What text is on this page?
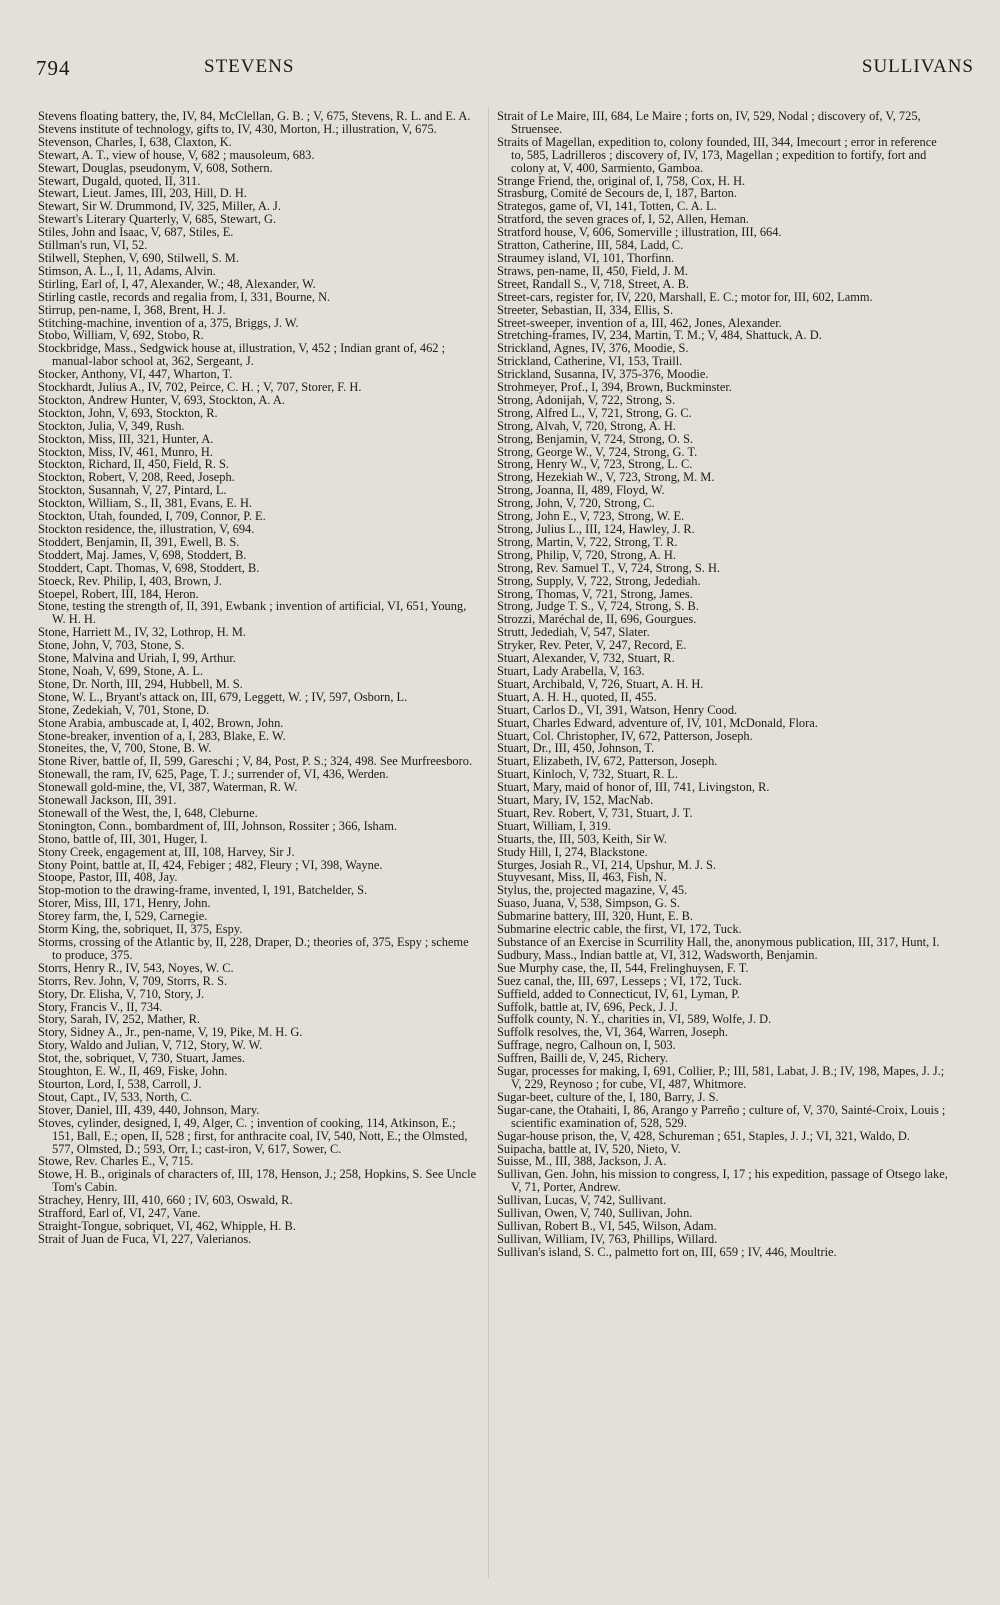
794	STEVENS	SULLIVANS

Stevens floating battery, the, IV, 84, McClellan, G. B. ; V, 675, Stevens, R. L. and E. A.

Stevens institute of technology, gifts to, IV, 430, Morton, H.; illustration, V, 675.

Stevenson, Charles, I, 638, Claxton, K.

Stewart, A. T., view of house, V, 682 ; mausoleum, 683.

Stewart, Douglas, pseudonym, V, 608, Sothern.

Stewart, Dugald, quoted, II, 311.

Stewart, Lieut. James, III, 203, Hill, D. H.

Stewart, Sir W. Drummond, IV, 325, Miller, A. J.

Stewart's Literary Quarterly, V, 685, Stewart, G.

Stiles, John and Isaac, V, 687, Stiles, E.

Stillman's run, VI, 52.

Stilwell, Stephen, V, 690, Stilwell, S. M.

Stimson, A. L., I, 11, Adams, Alvin.

Stirling, Earl of, I, 47, Alexander, W.; 48, Alexander, W.

Stirling castle, records and regalia from, I, 331, Bourne, N.

Stirrup, pen-name, I, 368, Brent, H. J.

Stitching-machine, invention of a, 375, Briggs, J. W.

Stobo, William, V, 692, Stobo, R.

Stockbridge, Mass., Sedgwick house at, illustration, V, 452 ; Indian grant of, 462 ; manual-labor school at, 362, Sergeant, J.

Stocker, Anthony, VI, 447, Wharton, T.

Stockhardt, Julius A., IV, 702, Peirce, C. H. ; V, 707, Storer, F. H.

Stockton, Andrew Hunter, V, 693, Stockton, A. A.

Stockton, John, V, 693, Stockton, R.

Stockton, Julia, V, 349, Rush.

Stockton, Miss, III, 321, Hunter, A.

Stockton, Miss, IV, 461, Munro, H.

Stockton, Richard, II, 450, Field, R. S.

Stockton, Robert, V, 208, Reed, Joseph.

Stockton, Susannah, V, 27, Pintard, L.

Stockton, William, S., II, 381, Evans, E. H.

Stockton, Utah, founded, I, 709, Connor, P. E.

Stockton residence, the, illustration, V, 694.

Stoddert, Benjamin, II, 391, Ewell, B. S.

Stoddert, Maj. James, V, 698, Stoddert, B.

Stoddert, Capt. Thomas, V, 698, Stoddert, B.

Stoeck, Rev. Philip, I, 403, Brown, J.

Stoepel, Robert, III, 184, Heron.

Stone, testing the strength of, II, 391, Ewbank ; invention of artificial, VI, 651, Young, W. H. H.

Stone, Harriett M., IV, 32, Lothrop, H. M.

Stone, John, V, 703, Stone, S.

Stone, Malvina and Uriah, I, 99, Arthur.

Stone, Noah, V, 699, Stone, A. L.

Stone, Dr. North, III, 294, Hubbell, M. S.

Stone, W. L., Bryant's attack on, III, 679, Leggett, W. ; IV, 597, Osborn, L.

Stone, Zedekiah, V, 701, Stone, D.

Stone Arabia, ambuscade at, I, 402, Brown, John.

Stone-breaker, invention of a, I, 283, Blake, E. W.

Stoneites, the, V, 700, Stone, B. W.

Stone River, battle of, II, 599, Gareschi ; V, 84, Post, P. S.; 324, 498. See Murfreesboro.

Stonewall, the ram, IV, 625, Page, T. J.; surrender of, VI, 436, Werden.

Stonewall gold-mine, the, VI, 387, Waterman, R. W.

Stonewall Jackson, III, 391.

Stonewall of the West, the, I, 648, Cleburne.

Stonington, Conn., bombardment of, III, Johnson, Rossiter ; 366, Isham.

Stono, battle of, III, 301, Huger, I.

Stony Creek, engagement at, III, 108, Harvey, Sir J.

Stony Point, battle at, II, 424, Febiger ; 482, Fleury ; VI, 398, Wayne.

Stoope, Pastor, III, 408, Jay.

Stop-motion to the drawing-frame, invented, I, 191, Batchelder, S.

Storer, Miss, III, 171, Henry, John.

Storey farm, the, I, 529, Carnegie.

Storm King, the, sobriquet, II, 375, Espy.

Storms, crossing of the Atlantic by, II, 228, Draper, D.; theories of, 375, Espy ; scheme to produce, 375.

Storrs, Henry R., IV, 543, Noyes, W. C.

Storrs, Rev. John, V, 709, Storrs, R. S.

Story, Dr. Elisha, V, 710, Story, J.

Story, Francis V., II, 734.

Story, Sarah, IV, 252, Mather, R.

Story, Sidney A., Jr., pen-name, V, 19, Pike, M. H. G.

Story, Waldo and Julian, V, 712, Story, W. W.

Stot, the, sobriquet, V, 730, Stuart, James.

Stoughton, E. W., II, 469, Fiske, John.

Stourton, Lord, I, 538, Carroll, J.

Stout, Capt., IV, 533, North, C.

Stover, Daniel, III, 439, 440, Johnson, Mary.

Stoves, cylinder, designed, I, 49, Alger, C. ; invention of cooking, 114, Atkinson, E.; 151, Ball, E.; open, II, 528 ; first, for anthracite coal, IV, 540, Nott, E.; the Olmsted, 577, Olmsted, D.; 593, Orr, I.; cast-iron, V, 617, Sower, C.

Stowe, Rev. Charles E., V, 715.

Stowe, H. B., originals of characters of, III, 178, Henson, J.; 258, Hopkins, S. See Uncle Tom's Cabin.

Strachey, Henry, III, 410, 660 ; IV, 603, Oswald, R.

Strafford, Earl of, VI, 247, Vane.

Straight-Tongue, sobriquet, VI, 462, Whipple, H. B.

Strait of Juan de Fuca, VI, 227, Valerianos.

Strait of Le Maire, III, 684, Le Maire ; forts on, IV, 529, Nodal ; discovery of, V, 725, Struensee.

Straits of Magellan, expedition to, colony founded, III, 344, Imecourt ; error in reference to, 585, Ladrilleros ; discovery of, IV, 173, Magellan ; expedition to fortify, fort and colony at, V, 400, Sarmiento, Gamboa.

Strange Friend, the, original of, I, 758, Cox, H. H.

Strasburg, Comité de Secours de, I, 187, Barton.

Strategos, game of, VI, 141, Totten, C. A. L.

Stratford, the seven graces of, I, 52, Allen, Heman.

Stratford house, V, 606, Somerville ; illustration, III, 664.

Stratton, Catherine, III, 584, Ladd, C.

Straumey island, VI, 101, Thorfinn.

Straws, pen-name, II, 450, Field, J. M.

Street, Randall S., V, 718, Street, A. B.

Street-cars, register for, IV, 220, Marshall, E. C.; motor for, III, 602, Lamm.

Streeter, Sebastian, II, 334, Ellis, S.

Street-sweeper, invention of a, III, 462, Jones, Alexander.

Stretching-frames, IV, 234, Martin, T. M.; V, 484, Shattuck, A. D.

Strickland, Agnes, IV, 376, Moodie, S.

Strickland, Catherine, VI, 153, Traill.

Strickland, Susanna, IV, 375-376, Moodie.

Strohmeyer, Prof., I, 394, Brown, Buckminster.

Strong, Adonijah, V, 722, Strong, S.

Strong, Alfred L., V, 721, Strong, G. C.

Strong, Alvah, V, 720, Strong, A. H.

Strong, Benjamin, V, 724, Strong, O. S.

Strong, George W., V, 724, Strong, G. T.

Strong, Henry W., V, 723, Strong, L. C.

Strong, Hezekiah W., V, 723, Strong, M. M.

Strong, Joanna, II, 489, Floyd, W.

Strong, John, V, 720, Strong, C.

Strong, John E., V, 723, Strong, W. E.

Strong, Julius L., III, 124, Hawley, J. R.

Strong, Martin, V, 722, Strong, T. R.

Strong, Philip, V, 720, Strong, A. H.

Strong, Rev. Samuel T., V, 724, Strong, S. H.

Strong, Supply, V, 722, Strong, Jedediah.

Strong, Thomas, V, 721, Strong, James.

Strong, Judge T. S., V, 724, Strong, S. B.

Strozzi, Maréchal de, II, 696, Gourgues.

Strutt, Jedediah, V, 547, Slater.

Stryker, Rev. Peter, V, 247, Record, E.

Stuart, Alexander, V, 732, Stuart, R.

Stuart, Lady Arabella, V, 163.

Stuart, Archibald, V, 726, Stuart, A. H. H.

Stuart, A. H. H., quoted, II, 455.

Stuart, Carlos D., VI, 391, Watson, Henry Cood.

Stuart, Charles Edward, adventure of, IV, 101, McDonald, Flora.

Stuart, Col. Christopher, IV, 672, Patterson, Joseph.

Stuart, Dr., III, 450, Johnson, T.

Stuart, Elizabeth, IV, 672, Patterson, Joseph.

Stuart, Kinloch, V, 732, Stuart, R. L.

Stuart, Mary, maid of honor of, III, 741, Livingston, R.

Stuart, Mary, IV, 152, MacNab.

Stuart, Rev. Robert, V, 731, Stuart, J. T.

Stuart, William, I, 319.

Stuarts, the, III, 503, Keith, Sir W.

Study Hill, I, 274, Blackstone.

Sturges, Josiah R., VI, 214, Upshur, M. J. S.

Stuyvesant, Miss, II, 463, Fish, N.

Stylus, the, projected magazine, V, 45.

Suaso, Juana, V, 538, Simpson, G. S.

Submarine battery, III, 320, Hunt, E. B.

Submarine electric cable, the first, VI, 172, Tuck.

Substance of an Exercise in Scurrility Hall, the, anonymous publication, III, 317, Hunt, I.

Sudbury, Mass., Indian battle at, VI, 312, Wadsworth, Benjamin.

Sue Murphy case, the, II, 544, Frelinghuysen, F. T.

Suez canal, the, III, 697, Lesseps ; VI, 172, Tuck.

Suffield, added to Connecticut, IV, 61, Lyman, P.

Suffolk, battle at, IV, 696, Peck, J. J.

Suffolk county, N. Y., charities in, VI, 589, Wolfe, J. D.

Suffolk resolves, the, VI, 364, Warren, Joseph.

Suffrage, negro, Calhoun on, I, 503.

Suffren, Bailli de, V, 245, Richery.

Sugar, processes for making, I, 691, Collier, P.; III, 581, Labat, J. B.; IV, 198, Mapes, J. J.; V, 229, Reynoso ; for cube, VI, 487, Whitmore.

Sugar-beet, culture of the, I, 180, Barry, J. S.

Sugar-cane, the Otahaiti, I, 86, Arango y Parreño ; culture of, V, 370, Sainté-Croix, Louis ; scientific examination of, 528, 529.

Sugar-house prison, the, V, 428, Schureman ; 651, Staples, J. J.; VI, 321, Waldo, D.

Suipacha, battle at, IV, 520, Nieto, V.

Suisse, M., III, 388, Jackson, J. A.

Sullivan, Gen. John, his mission to congress, I, 17 ; his expedition, passage of Otsego lake, V, 71, Porter, Andrew.

Sullivan, Lucas, V, 742, Sullivant.

Sullivan, Owen, V, 740, Sullivan, John.

Sullivan, Robert B., VI, 545, Wilson, Adam.

Sullivan, William, IV, 763, Phillips, Willard.

Sullivan's island, S. C., palmetto fort on, III, 659 ; IV, 446, Moultrie.
